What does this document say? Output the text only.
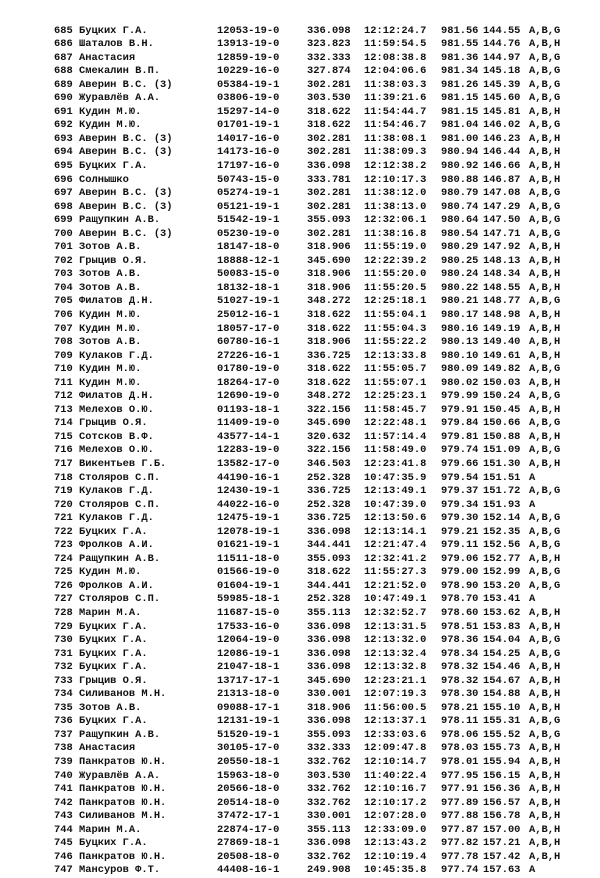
685 Буцких Г.А.	12053-19-0	336.098 12:12:24.7 981.56 144.55 A,B,G
686 Шаталов В.Н.	13913-19-0	323.823 11:59:54.5 981.55 144.76 A,B,H
687 Анастасия	12859-19-0	332.333 12:08:38.8 981.36 144.97 A,B,G
688 Смекалин В.П.	10229-16-0	327.874 12:04:06.6 981.34 145.18 A,B,G
689 Аверин В.С. (3)	05384-19-1	302.281 11:38:03.3 981.26 145.39 A,B,G
690 Журавлёв А.А.	03806-19-0	303.530 11:39:21.6 981.15 145.60 A,B,G
691 Кудин М.Ю.	15297-14-0	318.622 11:54:44.7 981.15 145.81 A,B,H
692 Кудин М.Ю.	01701-19-1	318.622 11:54:46.7 981.04 146.02 A,B,G
693 Аверин В.С. (3)	14017-16-0	302.281 11:38:08.1 981.00 146.23 A,B,H
694 Аверин В.С. (3)	14173-16-0	302.281 11:38:09.3 980.94 146.44 A,B,H
695 Буцких Г.А.	17197-16-0	336.098 12:12:38.2 980.92 146.66 A,B,H
696 Солнышко	50743-15-0	333.781 12:10:17.3 980.88 146.87 A,B,H
697 Аверин В.С. (3)	05274-19-1	302.281 11:38:12.0 980.79 147.08 A,B,G
698 Аверин В.С. (3)	05121-19-1	302.281 11:38:13.0 980.74 147.29 A,B,G
699 Ращупкин А.В.	51542-19-1	355.093 12:32:06.1 980.64 147.50 A,B,G
700 Аверин В.С. (3)	05230-19-0	302.281 11:38:16.8 980.54 147.71 A,B,G
701 Зотов А.В.	18147-18-0	318.906 11:55:19.0 980.29 147.92 A,B,H
702 Грыцив О.Я.	18888-12-1	345.690 12:22:39.2 980.25 148.13 A,B,H
703 Зотов А.В.	50083-15-0	318.906 11:55:20.0 980.24 148.34 A,B,H
704 Зотов А.В.	18132-18-1	318.906 11:55:20.5 980.22 148.55 A,B,H
705 Филатов Д.Н.	51027-19-1	348.272 12:25:18.1 980.21 148.77 A,B,G
706 Кудин М.Ю.	25012-16-1	318.622 11:55:04.1 980.17 148.98 A,B,H
707 Кудин М.Ю.	18057-17-0	318.622 11:55:04.3 980.16 149.19 A,B,H
708 Зотов А.В.	60780-16-1	318.906 11:55:22.2 980.13 149.40 A,B,H
709 Кулаков Г.Д.	27226-16-1	336.725 12:13:33.8 980.10 149.61 A,B,H
710 Кудин М.Ю.	01780-19-0	318.622 11:55:05.7 980.09 149.82 A,B,G
711 Кудин М.Ю.	18264-17-0	318.622 11:55:07.1 980.02 150.03 A,B,H
712 Филатов Д.Н.	12690-19-0	348.272 12:25:23.1 979.99 150.24 A,B,G
713 Мелехов О.Ю.	01193-18-1	322.156 11:58:45.7 979.91 150.45 A,B,H
714 Грыцив О.Я.	11409-19-0	345.690 12:22:48.1 979.84 150.66 A,B,G
715 Сотсков В.Ф.	43577-14-1	320.632 11:57:14.4 979.81 150.88 A,B,H
716 Мелехов О.Ю.	12283-19-0	322.156 11:58:49.0 979.74 151.09 A,B,G
717 Викентьев Г.Б.	13582-17-0	346.503 12:23:41.8 979.66 151.30 A,B,H
718 Столяров С.П.	44190-16-1	252.328 10:47:35.9 979.54 151.51 A
719 Кулаков Г.Д.	12430-19-1	336.725 12:13:49.1 979.37 151.72 A,B,G
720 Столяров С.П.	44022-16-0	252.328 10:47:39.0 979.34 151.93 A
721 Кулаков Г.Д.	12475-19-1	336.725 12:13:50.6 979.30 152.14 A,B,G
722 Буцких Г.А.	12078-19-1	336.098 12:13:14.1 979.21 152.35 A,B,G
723 Фролков А.И.	01621-19-1	344.441 12:21:47.4 979.11 152.56 A,B,G
724 Ращупкин А.В.	11511-18-0	355.093 12:32:41.2 979.06 152.77 A,B,H
725 Кудин М.Ю.	01566-19-0	318.622 11:55:27.3 979.00 152.99 A,B,G
726 Фролков А.И.	01604-19-1	344.441 12:21:52.0 978.90 153.20 A,B,G
727 Столяров С.П.	59985-18-1	252.328 10:47:49.1 978.70 153.41 A
728 Марин М.А.	11687-15-0	355.113 12:32:52.7 978.60 153.62 A,B,H
729 Буцких Г.А.	17533-16-0	336.098 12:13:31.5 978.51 153.83 A,B,H
730 Буцких Г.А.	12064-19-0	336.098 12:13:32.0 978.36 154.04 A,B,G
731 Буцких Г.А.	12086-19-1	336.098 12:13:32.4 978.34 154.25 A,B,G
732 Буцких Г.А.	21047-18-1	336.098 12:13:32.8 978.32 154.46 A,B,H
733 Грыцив О.Я.	13717-17-1	345.690 12:23:21.1 978.32 154.67 A,B,H
734 Силиванов М.Н.	21313-18-0	330.001 12:07:19.3 978.30 154.88 A,B,H
735 Зотов А.В.	09088-17-1	318.906 11:56:00.5 978.21 155.10 A,B,H
736 Буцких Г.А.	12131-19-1	336.098 12:13:37.1 978.11 155.31 A,B,G
737 Ращупкин А.В.	51520-19-1	355.093 12:33:03.6 978.06 155.52 A,B,G
738 Анастасия	30105-17-0	332.333 12:09:47.8 978.03 155.73 A,B,H
739 Панкратов Ю.Н.	20550-18-1	332.762 12:10:14.7 978.01 155.94 A,B,H
740 Журавлёв А.А.	15963-18-0	303.530 11:40:22.4 977.95 156.15 A,B,H
741 Панкратов Ю.Н.	20566-18-0	332.762 12:10:16.7 977.91 156.36 A,B,H
742 Панкратов Ю.Н.	20514-18-0	332.762 12:10:17.2 977.89 156.57 A,B,H
743 Силиванов М.Н.	37472-17-1	330.001 12:07:28.0 977.88 156.78 A,B,H
744 Марин М.А.	22874-17-0	355.113 12:33:09.0 977.87 157.00 A,B,H
745 Буцких Г.А.	27869-18-1	336.098 12:13:43.2 977.82 157.21 A,B,H
746 Панкратов Ю.Н.	20508-18-0	332.762 12:10:19.4 977.78 157.42 A,B,H
747 Мансуров Ф.Т.	44408-16-1	249.908 10:45:35.8 977.74 157.63 A
